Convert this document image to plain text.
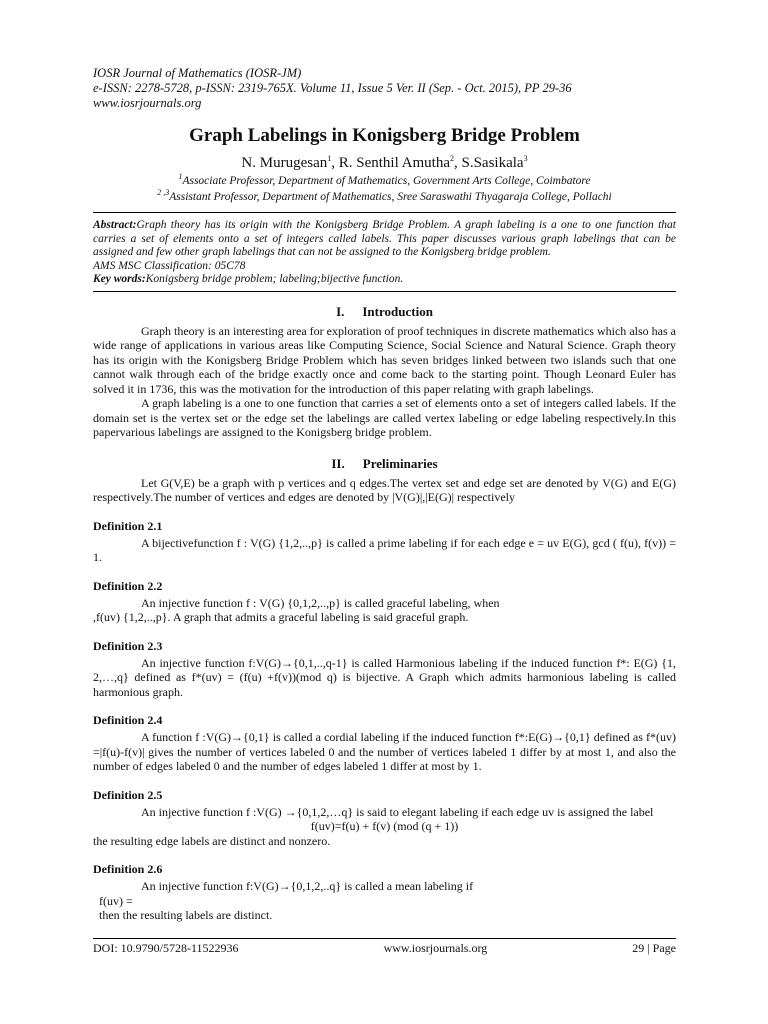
IOSR Journal of Mathematics (IOSR-JM)
e-ISSN: 2278-5728, p-ISSN: 2319-765X. Volume 11, Issue 5 Ver. II (Sep. - Oct. 2015), PP 29-36
www.iosrjournals.org
Graph Labelings in Konigsberg Bridge Problem
N. Murugesan$^1$, R. Senthil Amutha$^2$, S.Sasikala$^3$
$^1$Associate Professor, Department of Mathematics, Government Arts College, Coimbatore
$^{2 ,3}$Assistant Professor, Department of Mathematics, Sree Saraswathi Thyagaraja College, Pollachi
Abstract:Graph theory has its origin with the Konigsberg Bridge Problem. A graph labeling is a one to one function that carries a set of elements onto a set of integers called labels. This paper discusses various graph labelings that can be assigned and few other graph labelings that can not be assigned to the Konigsberg bridge problem.
AMS MSC Classification: 05C78
Key words:Konigsberg bridge problem; labeling;bijective function.
I. Introduction

Graph theory is an interesting area for exploration of proof techniques in discrete mathematics which also has a wide range of applications in various areas like Computing Science, Social Science and Natural Science. Graph theory has its origin with the Konigsberg Bridge Problem which has seven bridges linked between two islands such that one cannot walk through each of the bridge exactly once and come back to the starting point. Though Leonard Euler has solved it in 1736, this was the motivation for the introduction of this paper relating with graph labelings.

A graph labeling is a one to one function that carries a set of elements onto a set of integers called labels. If the domain set is the vertex set or the edge set the labelings are called vertex labeling or edge labeling respectively.In this papervarious labelings are assigned to the Konigsberg bridge problem.

II. Preliminaries

Let G(V,E) be a graph with p vertices and q edges.The vertex set and edge set are denoted by V(G) and E(G) respectively.The number of vertices and edges are denoted by |V(G)|,|E(G)| respectively

Definition 2.1

A bijectivefunction f : V(G) {1,2,..,p} is called a prime labeling if for each edge e = uv E(G), gcd ( f(u), f(v)) = 1.

Definition 2.2

An injective function f : V(G) {0,1,2,..,p} is called graceful labeling, when

,f(uv) {1,2,..,p}. A graph that admits a graceful labeling is said graceful graph.

Definition 2.3

An injective function f:V(G)→{0,1,..,q-1} is called Harmonious labeling if the induced function f*: E(G) {1, 2,…,q} defined as f*(uv) = (f(u) +f(v))(mod q) is bijective. A Graph which admits harmonious labeling is called harmonious graph.

Definition 2.4

A function f :V(G)→{0,1} is called a cordial labeling if the induced function f*:E(G)→{0,1} defined as f*(uv) =|f(u)-f(v)| gives the number of vertices labeled 0 and the number of vertices labeled 1 differ by at most 1, and also the number of edges labeled 0 and the number of edges labeled 1 differ at most by 1.

Definition 2.5

An injective function f :V(G) →{0,1,2,…q} is said to elegant labeling if each edge uv is assigned the label

f(uv)=f(u) + f(v) (mod (q + 1))

the resulting edge labels are distinct and nonzero.

Definition 2.6

An injective function f:V(G)→{0,1,2,..q} is called a mean labeling if

f(uv) =

then the resulting labels are distinct.

DOI: 10.9790/5728-11522936	www.iosrjournals.org	29 | Page
